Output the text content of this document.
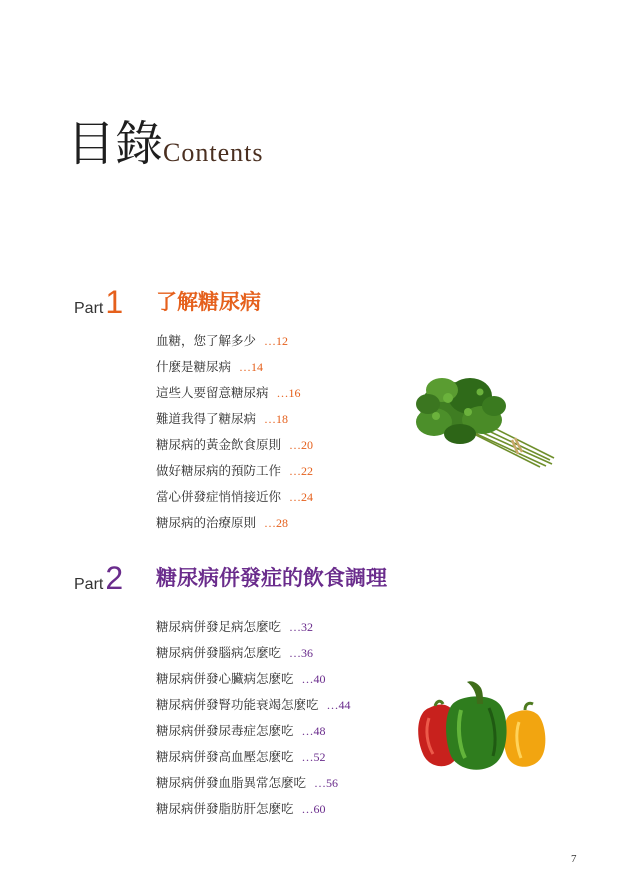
目錄 Contents
Part1 了解糖尿病
血糖，您了解多少 …12
什麼是糖尿病 …14
這些人要留意糖尿病 …16
難道我得了糖尿病 …18
糖尿病的黃金飲食原則 …20
做好糖尿病的預防工作 …22
當心併發症悄悄接近你 …24
糖尿病的治療原則 …28
Part2 糖尿病併發症的飲食調理
糖尿病併發足病怎麼吃 …32
糖尿病併發腦病怎麼吃 …36
糖尿病併發心臟病怎麼吃 …40
糖尿病併發腎功能衰竭怎麼吃 …44
糖尿病併發尿毒症怎麼吃 …48
糖尿病併發高血壓怎麼吃 …52
糖尿病併發血脂異常怎麼吃 …56
糖尿病併發脂肪肝怎麼吃 …60
7
